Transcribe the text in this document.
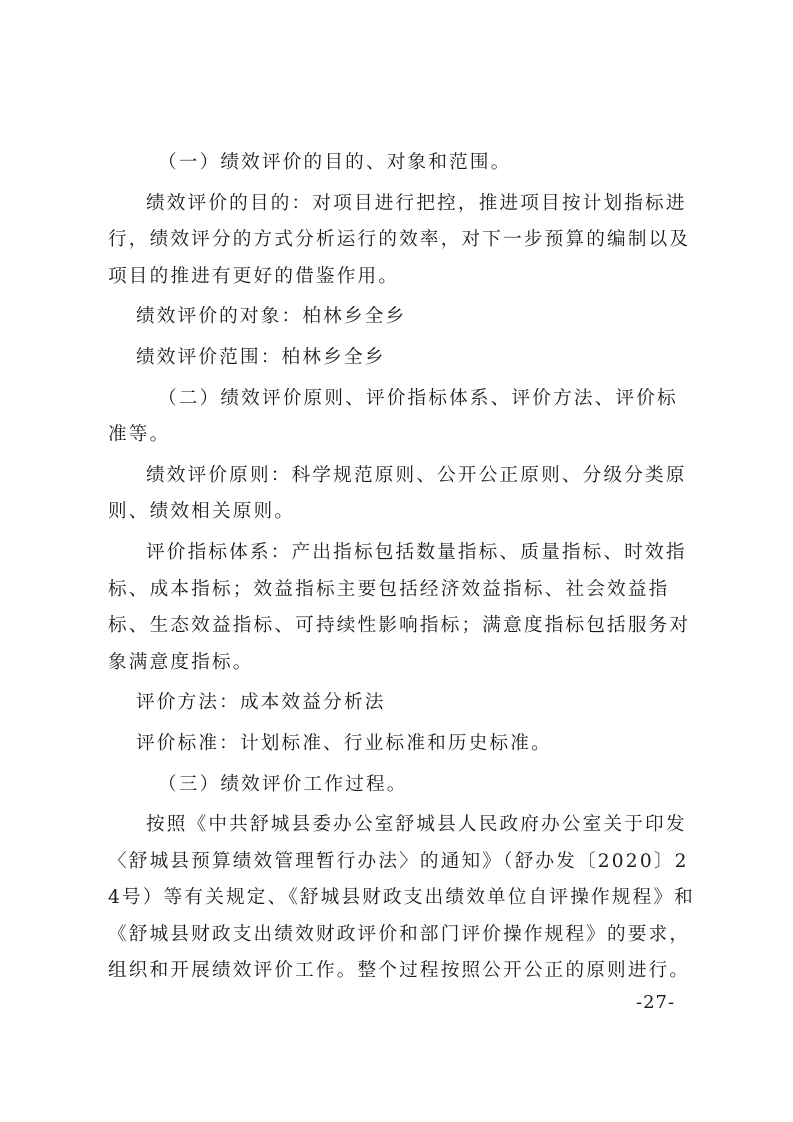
（一）绩效评价的目的、对象和范围。

绩效评价的目的：对项目进行把控，推进项目按计划指标进行，绩效评分的方式分析运行的效率，对下一步预算的编制以及项目的推进有更好的借鉴作用。

绩效评价的对象：柏林乡全乡

绩效评价范围：柏林乡全乡

（二）绩效评价原则、评价指标体系、评价方法、评价标准等。

绩效评价原则：科学规范原则、公开公正原则、分级分类原则、绩效相关原则。

评价指标体系：产出指标包括数量指标、质量指标、时效指标、成本指标；效益指标主要包括经济效益指标、社会效益指标、生态效益指标、可持续性影响指标；满意度指标包括服务对象满意度指标。

评价方法：成本效益分析法

评价标准：计划标准、行业标准和历史标准。

（三）绩效评价工作过程。

按照《中共舒城县委办公室舒城县人民政府办公室关于印发〈舒城县预算绩效管理暂行办法〉的通知》（舒办发〔2020〕24号）等有关规定、《舒城县财政支出绩效单位自评操作规程》和《舒城县财政支出绩效财政评价和部门评价操作规程》的要求，组织和开展绩效评价工作。整个过程按照公开公正的原则进行。

-27-
